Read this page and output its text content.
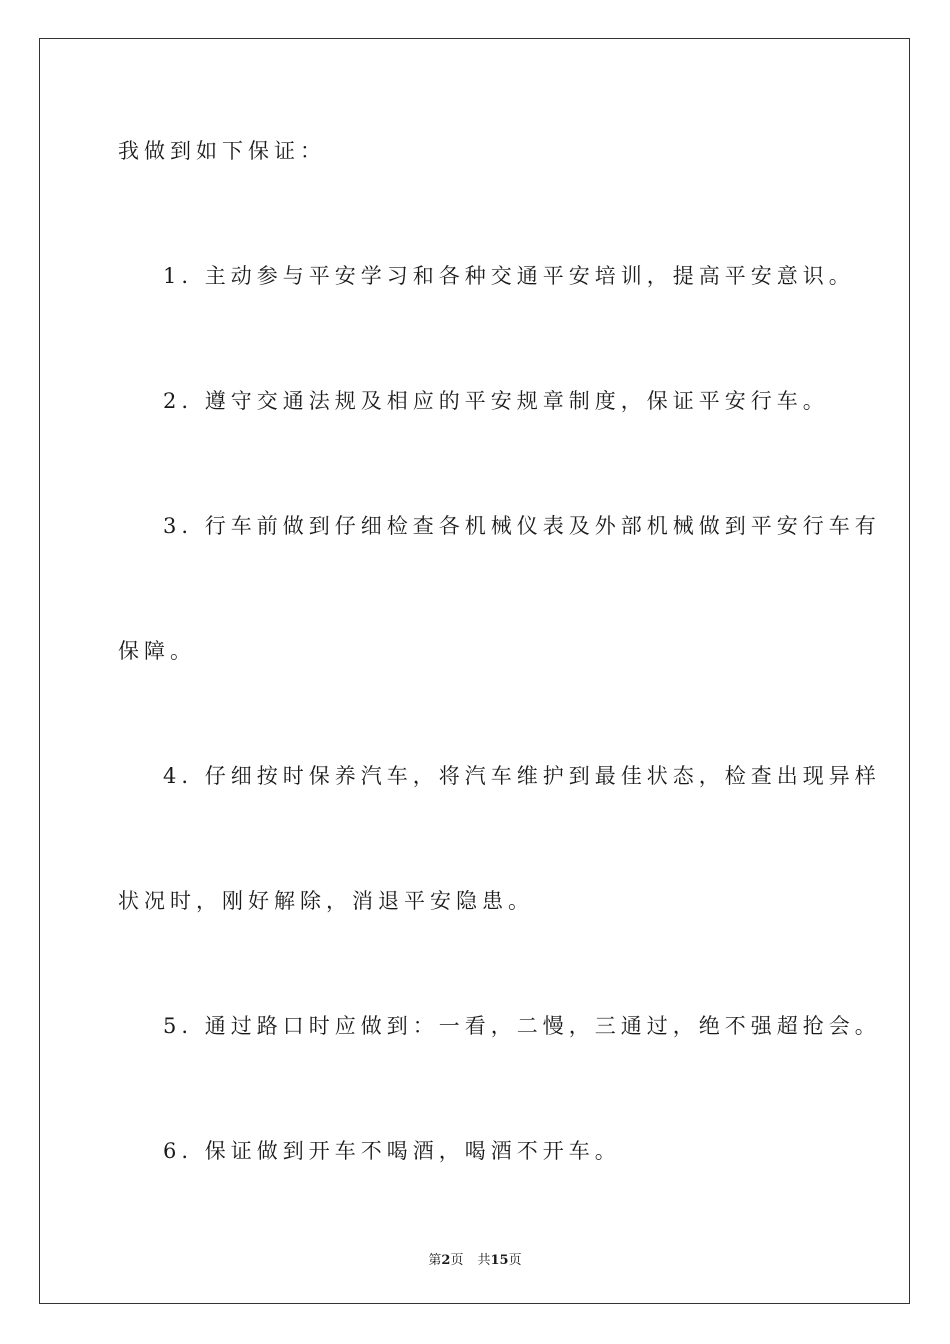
我做到如下保证：
1. 主动参与平安学习和各种交通平安培训，提高平安意识。
2. 遵守交通法规及相应的平安规章制度，保证平安行车。
3. 行车前做到仔细检查各机械仪表及外部机械做到平安行车有
保障。
4. 仔细按时保养汽车，将汽车维护到最佳状态，检查出现异样
状况时，刚好解除，消退平安隐患。
5. 通过路口时应做到：一看，二慢，三通过，绝不强超抢会。
6. 保证做到开车不喝酒，喝酒不开车。
第2页 共15页
